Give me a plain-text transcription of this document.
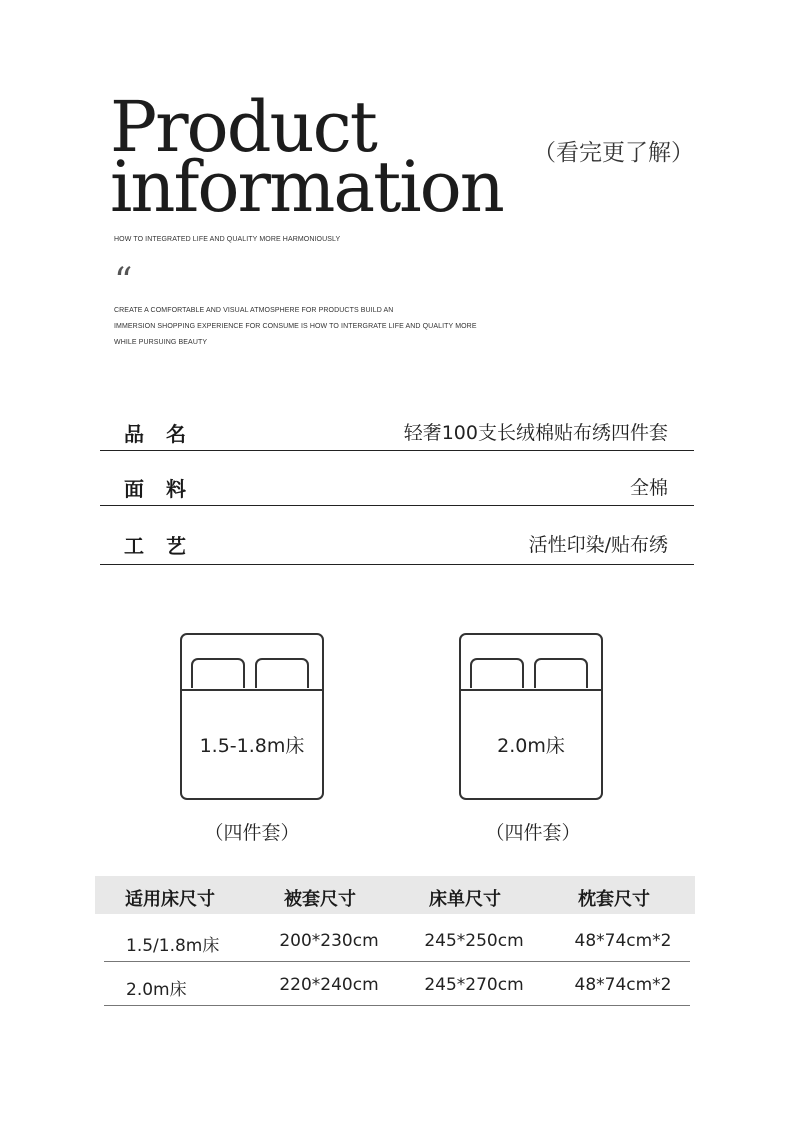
Product
information （看完更了解）
HOW TO INTEGRATED LIFE AND QUALITY MORE HARMONIOUSLY
“
CREATE A COMFORTABLE AND VISUAL ATMOSPHERE FOR PRODUCTS BUILD AN
IMMERSION SHOPPING EXPERIENCE FOR CONSUME IS HOW TO INTERGRATE LIFE AND QUALITY MORE
WHILE PURSUING BEAUTY
品名	轻奢100支长绒棉贴布绣四件套
面料	全棉
工艺	活性印染/贴布绣
1.5-1.8m床
（四件套）
2.0m床
（四件套）
适用床尺寸	被套尺寸	床单尺寸	枕套尺寸
1.5/1.8m床	200*230cm	245*250cm	48*74cm*2
2.0m床	220*240cm	245*270cm	48*74cm*2
